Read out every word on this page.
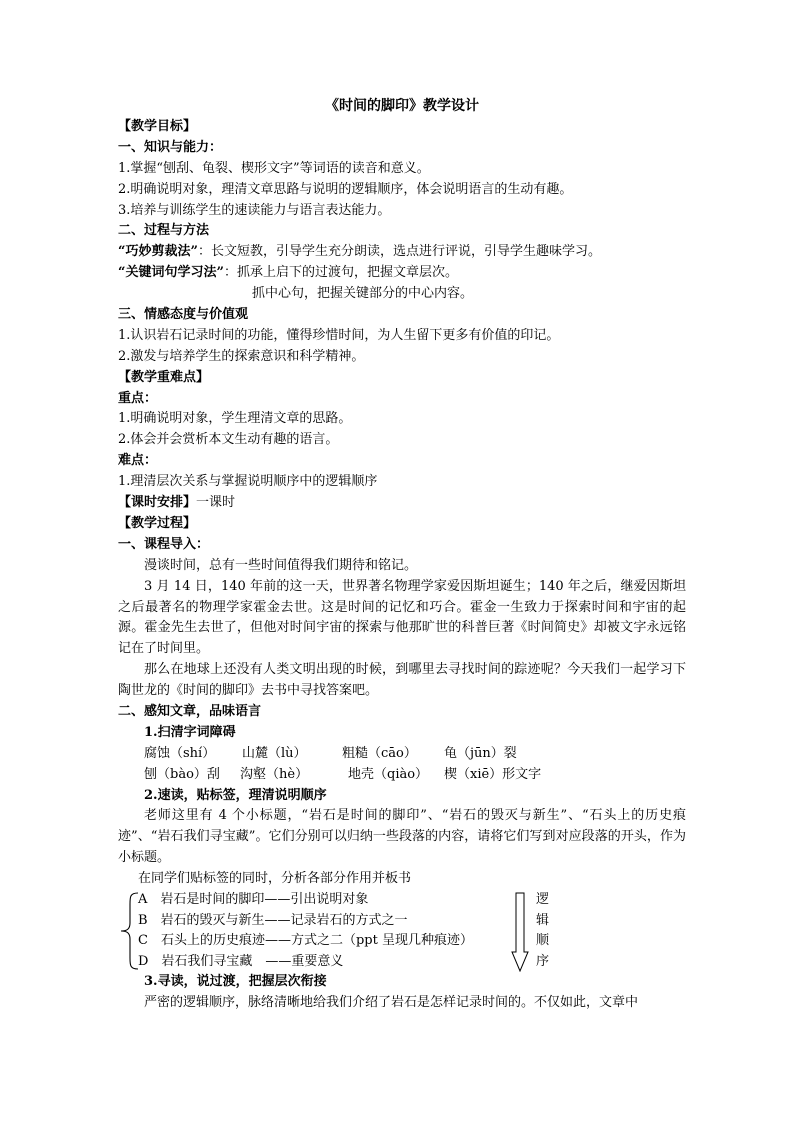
《时间的脚印》教学设计
【教学目标】
一、知识与能力：
1.掌握“刨刮、龟裂、楔形文字”等词语的读音和意义。
2.明确说明对象，理清文章思路与说明的逻辑顺序，体会说明语言的生动有趣。
3.培养与训练学生的速读能力与语言表达能力。
二、过程与方法
“巧妙剪裁法”：长文短教，引导学生充分朗读，选点进行评说，引导学生趣味学习。
“关键词句学习法”：抓承上启下的过渡句，把握文章层次。
抓中心句，把握关键部分的中心内容。
三、情感态度与价值观
1.认识岩石记录时间的功能，懂得珍惜时间，为人生留下更多有价值的印记。
2.激发与培养学生的探索意识和科学精神。
【教学重难点】
重点：
1.明确说明对象，学生理清文章的思路。
2.体会并会赏析本文生动有趣的语言。
难点：
1.理清层次关系与掌握说明顺序中的逻辑顺序
【课时安排】一课时
【教学过程】
一、课程导入：
漫谈时间，总有一些时间值得我们期待和铭记。
3 月 14 日，140 年前的这一天，世界著名物理学家爱因斯坦诞生；140 年之后，继爱因斯坦之后最著名的物理学家霍金去世。这是时间的记忆和巧合。霍金一生致力于探索时间和宇宙的起源。霍金先生去世了，但他对时间宇宙的探索与他那旷世的科普巨著《时间简史》却被文字永远铭记在了时间里。
那么在地球上还没有人类文明出现的时候，到哪里去寻找时间的踪迹呢？今天我们一起学习下陶世龙的《时间的脚印》去书中寻找答案吧。
二、感知文章，品味语言
1.扫清字词障碍
腐蚀（shí） 山麓（lù）	粗糙（cāo） 龟（jūn）裂
刨（bào）刮 沟壑（hè）	地壳（qiào） 楔（xiē）形文字
2.速读，贴标签，理清说明顺序
老师这里有 4 个小标题，“岩石是时间的脚印”、“岩石的毁灭与新生”、“石头上的历史痕迹”、“岩石我们寻宝藏”。它们分别可以归纳一些段落的内容，请将它们写到对应段落的开头，作为小标题。
在同学们贴标签的同时，分析各部分作用并板书
A　岩石是时间的脚印——引出说明对象
B　岩石的毁灭与新生——记录岩石的方式之一
C　石头上的历史痕迹——方式之二（ppt 呈现几种痕迹）
D　岩石我们寻宝藏　——重要意义
逻
辑
顺
序
3.寻读，说过渡，把握层次衔接
严密的逻辑顺序，脉络清晰地给我们介绍了岩石是怎样记录时间的。不仅如此，文章中
